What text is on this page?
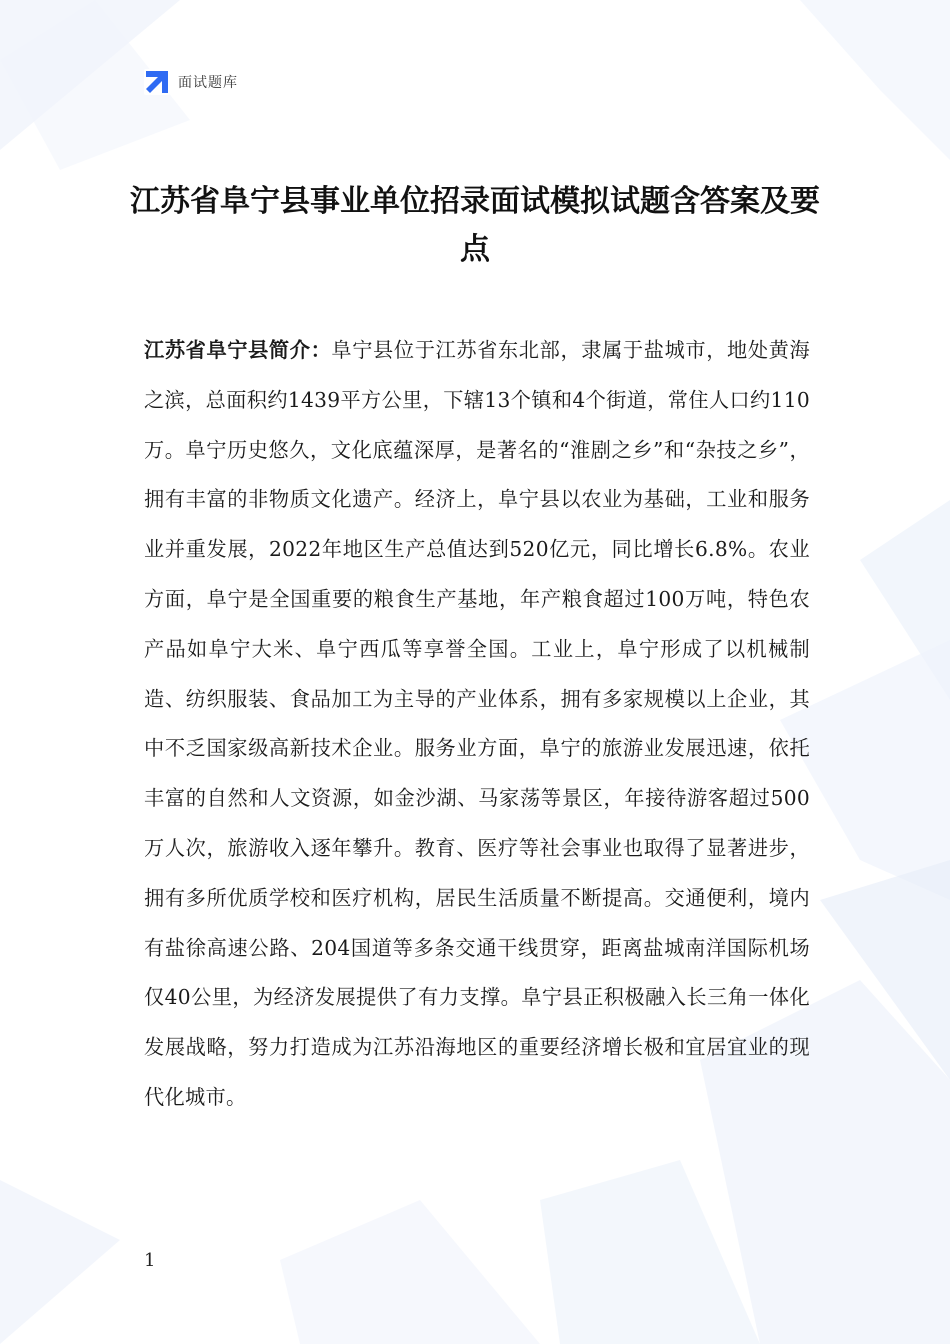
面试题库
江苏省阜宁县事业单位招录面试模拟试题含答案及要点
江苏省阜宁县简介：阜宁县位于江苏省东北部，隶属于盐城市，地处黄海之滨，总面积约1439平方公里，下辖13个镇和4个街道，常住人口约110万。阜宁历史悠久，文化底蕴深厚，是著名的“淮剧之乡”和“杂技之乡”，拥有丰富的非物质文化遗产。经济上，阜宁县以农业为基础，工业和服务业并重发展，2022年地区生产总值达到520亿元，同比增长6.8%。农业方面，阜宁是全国重要的粮食生产基地，年产粮食超过100万吨，特色农产品如阜宁大米、阜宁西瓜等享誉全国。工业上，阜宁形成了以机械制造、纺织服装、食品加工为主导的产业体系，拥有多家规模以上企业，其中不乏国家级高新技术企业。服务业方面，阜宁的旅游业发展迅速，依托丰富的自然和人文资源，如金沙湖、马家荡等景区，年接待游客超过500万人次，旅游收入逐年攀升。教育、医疗等社会事业也取得了显著进步，拥有多所优质学校和医疗机构，居民生活质量不断提高。交通便利，境内有盐徐高速公路、204国道等多条交通干线贯穿，距离盐城南洋国际机场仅40公里，为经济发展提供了有力支撑。阜宁县正积极融入长三角一体化发展战略，努力打造成为江苏沿海地区的重要经济增长极和宜居宜业的现代化城市。
1
